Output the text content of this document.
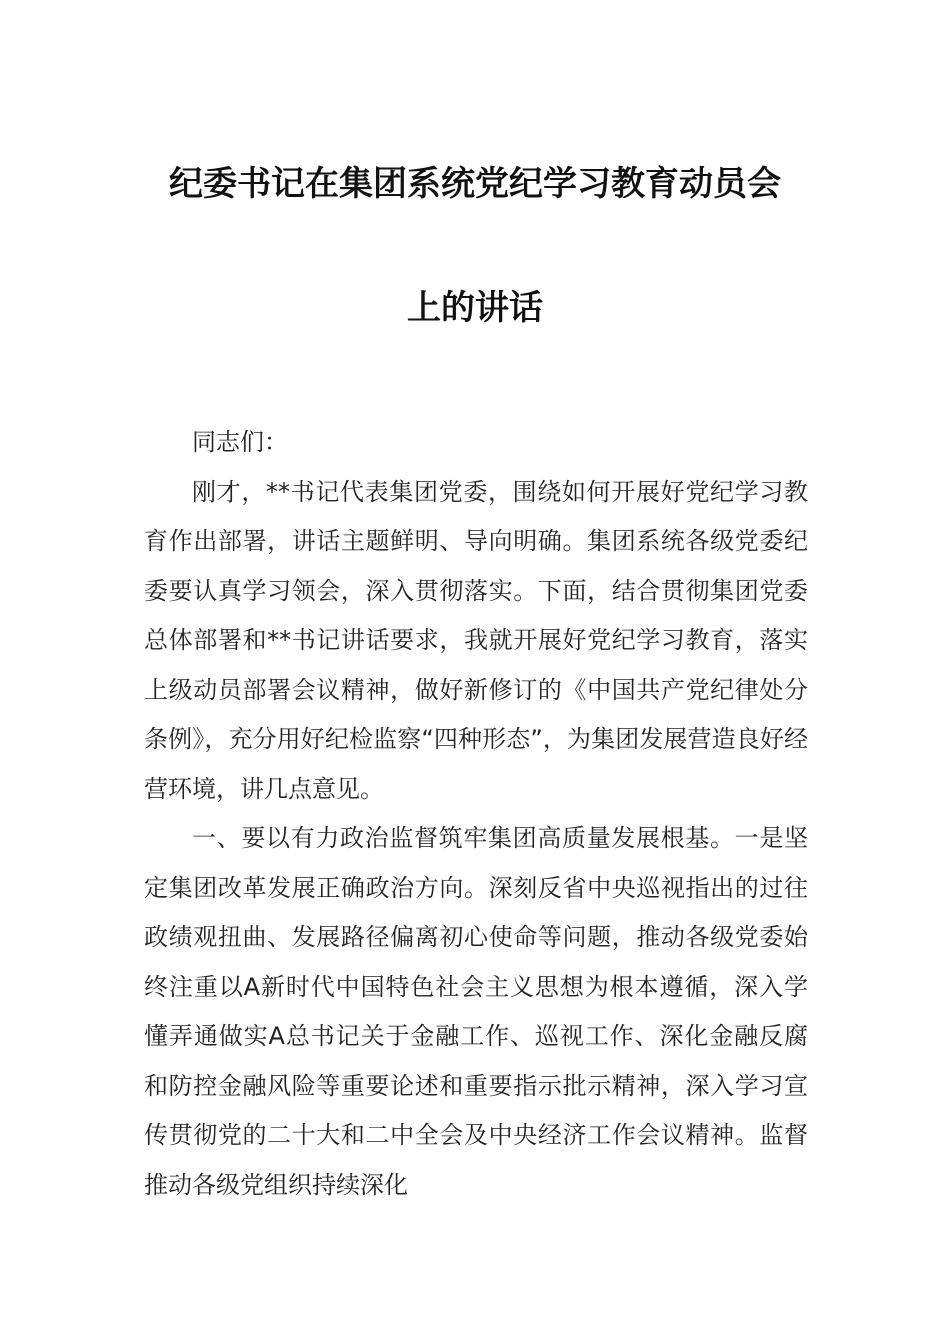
纪委书记在集团系统党纪学习教育动员会
上的讲话

同志们：

刚才，**书记代表集团党委，围绕如何开展好党纪学习教育作出部署，讲话主题鲜明、导向明确。集团系统各级党委纪委要认真学习领会，深入贯彻落实。下面，结合贯彻集团党委总体部署和**书记讲话要求，我就开展好党纪学习教育，落实上级动员部署会议精神，做好新修订的《中国共产党纪律处分条例》，充分用好纪检监察“四种形态”，为集团发展营造良好经营环境，讲几点意见。

一、要以有力政治监督筑牢集团高质量发展根基。一是坚定集团改革发展正确政治方向。深刻反省中央巡视指出的过往政绩观扭曲、发展路径偏离初心使命等问题，推动各级党委始终注重以A新时代中国特色社会主义思想为根本遵循，深入学懂弄通做实A总书记关于金融工作、巡视工作、深化金融反腐和防控金融风险等重要论述和重要指示批示精神，深入学习宣传贯彻党的二十大和二中全会及中央经济工作会议精神。监督推动各级党组织持续深化
